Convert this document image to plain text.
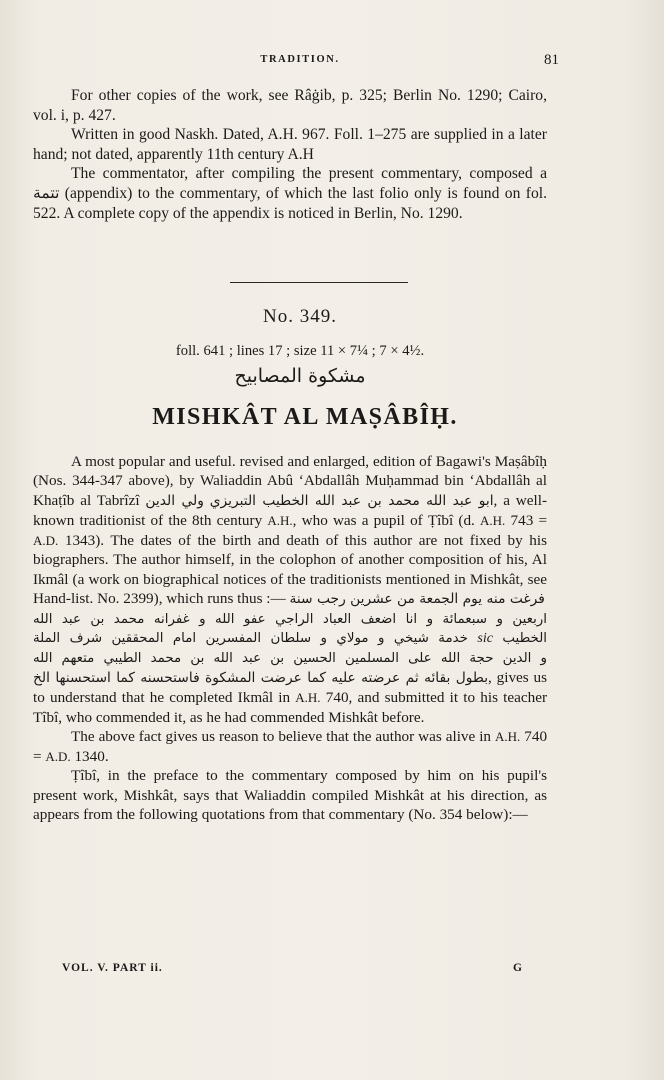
TRADITION.	81

For other copies of the work, see Râġib, p. 325; Berlin No. 1290; Cairo, vol. i, p. 427.

Written in good Naskh. Dated, A.H. 967. Foll. 1–275 are supplied in a later hand; not dated, apparently 11th century A.H

The commentator, after compiling the present commentary, composed a تتمة (appendix) to the commentary, of which the last folio only is found on fol. 522. A complete copy of the appendix is noticed in Berlin, No. 1290.

No. 349.
foll. 641 ; lines 17 ; size 11 × 7¼ ; 7 × 4½.
مشكوة المصابيح
MISHKÂT AL MAṢÂBÎḤ.

A most popular and useful. revised and enlarged, edition of Bagawi's Maṣâbîḥ (Nos. 344-347 above), by Waliaddin Abû ‘Abdallâh Muḥammad bin ‘Abdallâh al Khaṭîb al Tabrîzî ولي الدين ابو عبد الله محمد بن عبد الله الخطيب التبريزي, a well-known traditionist of the 8th century A.H., who was a pupil of Ṭîbî (d. A.H. 743 = A.D. 1343). The dates of the birth and death of this author are not fixed by his biographers. The author himself, in the colophon of another composition of his, Al Ikmâl (a work on biographical notices of the traditionists mentioned in Mishkât, see Hand-list. No. 2399), which runs thus :— فرغت منه يوم الجمعة من عشرين رجب سنة

اربعين و سبعمائة و انا اضعف العباد الراجي عفو الله و غفرانه محمد بن عبد الله
الخطيب sic خدمة شيخي و مولاي و سلطان المفسرين امام المحققين شرف الملة
و الدين حجة الله على المسلمين الحسين بن عبد الله بن محمد الطيبي متعهم الله

بطول بقائه ثم عرضته عليه كما عرضت المشكوة فاستحسنه كما استحسنها الخ, gives us to understand that he completed Ikmâl in A.H. 740, and submitted it to his teacher Tîbî, who commended it, as he had commended Mishkât before.

The above fact gives us reason to believe that the author was alive in A.H. 740 = A.D. 1340.

Ṭîbî, in the preface to the commentary composed by him on his pupil's present work, Mishkât, says that Waliaddin compiled Mishkât at his direction, as appears from the following quotations from that commentary (No. 354 below):—

VOL. V. PART ii.	G
